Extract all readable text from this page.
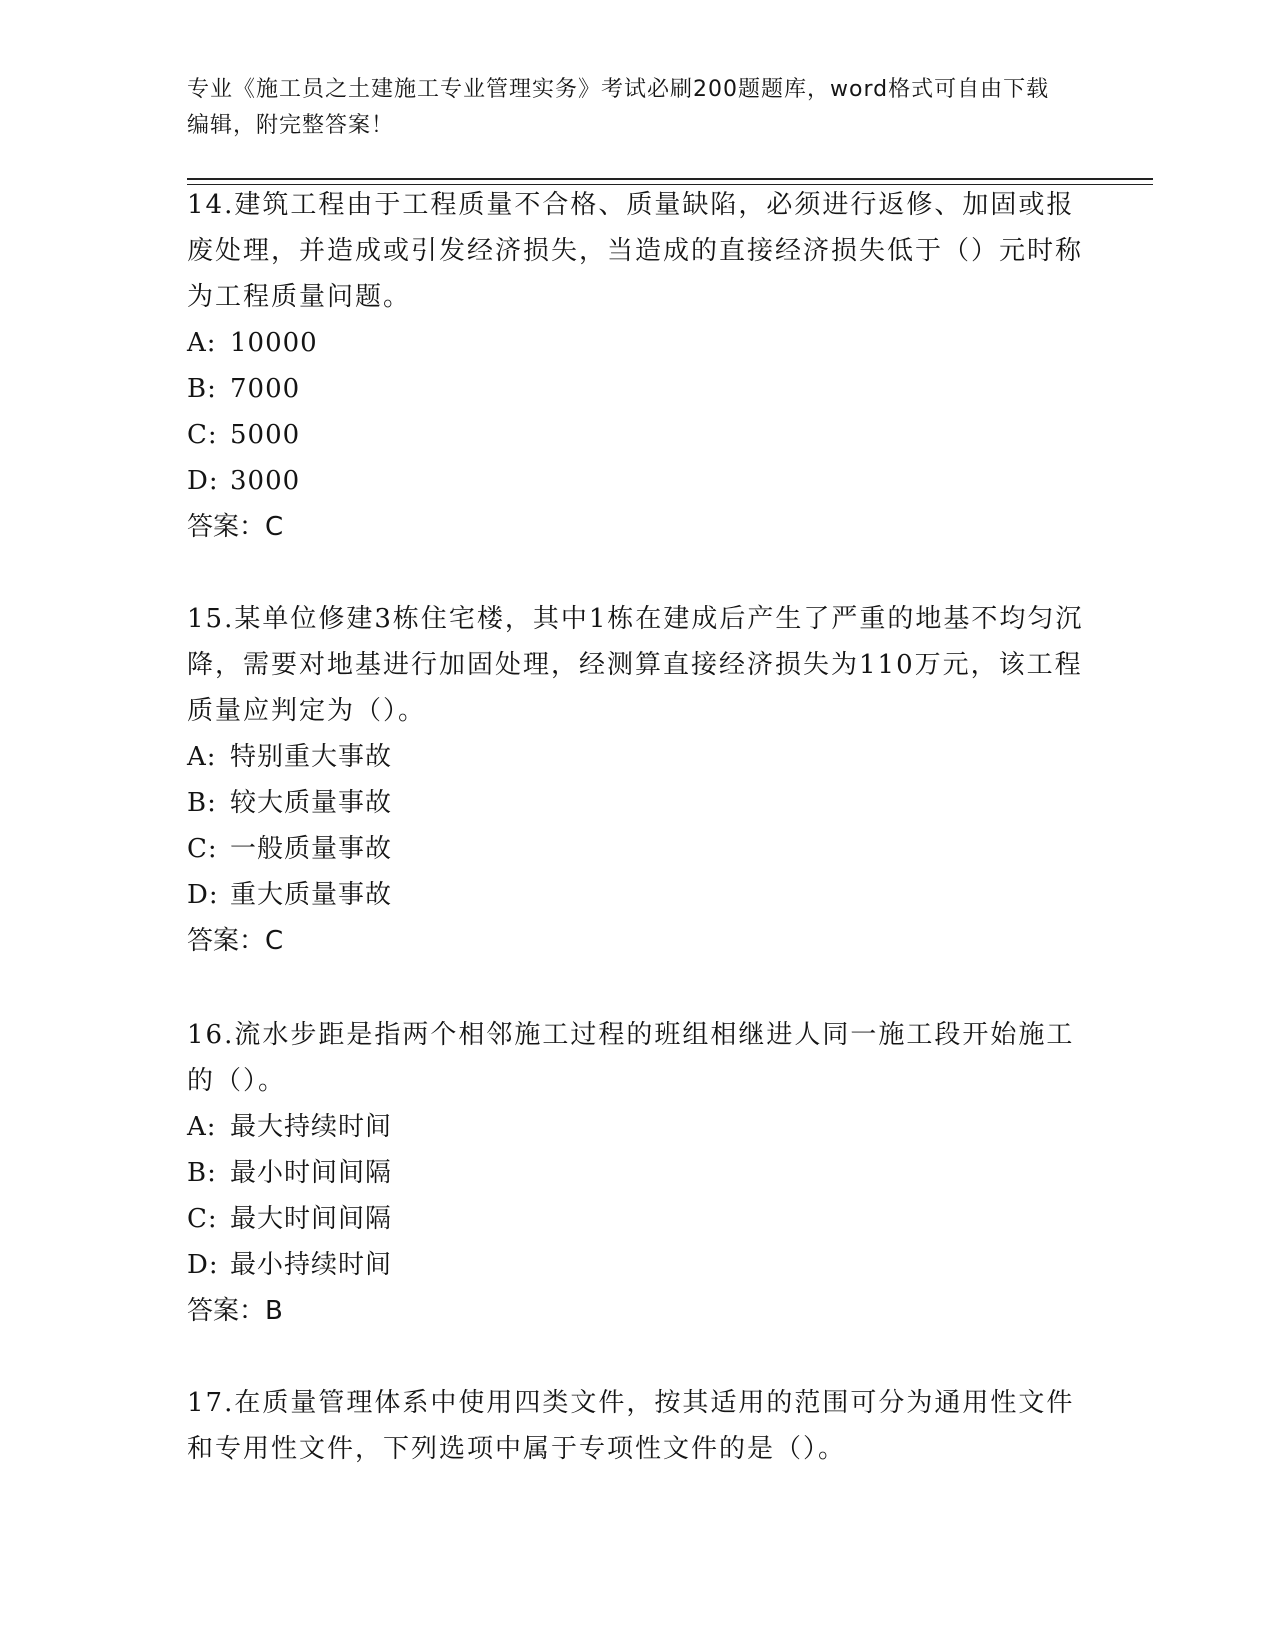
专业《施工员之土建施工专业管理实务》考试必刷200题题库，word格式可自由下载编辑，附完整答案！
14.建筑工程由于工程质量不合格、质量缺陷，必须进行返修、加固或报废处理，并造成或引发经济损失，当造成的直接经济损失低于（）元时称为工程质量问题。
A: 10000
B: 7000
C: 5000
D: 3000
答案：C
15.某单位修建3栋住宅楼，其中1栋在建成后产生了严重的地基不均匀沉降，需要对地基进行加固处理，经测算直接经济损失为110万元，该工程质量应判定为（）。
A: 特别重大事故
B: 较大质量事故
C: 一般质量事故
D: 重大质量事故
答案：C
16.流水步距是指两个相邻施工过程的班组相继进人同一施工段开始施工的（）。
A: 最大持续时间
B: 最小时间间隔
C: 最大时间间隔
D: 最小持续时间
答案：B
17.在质量管理体系中使用四类文件，按其适用的范围可分为通用性文件和专用性文件，下列选项中属于专项性文件的是（）。
